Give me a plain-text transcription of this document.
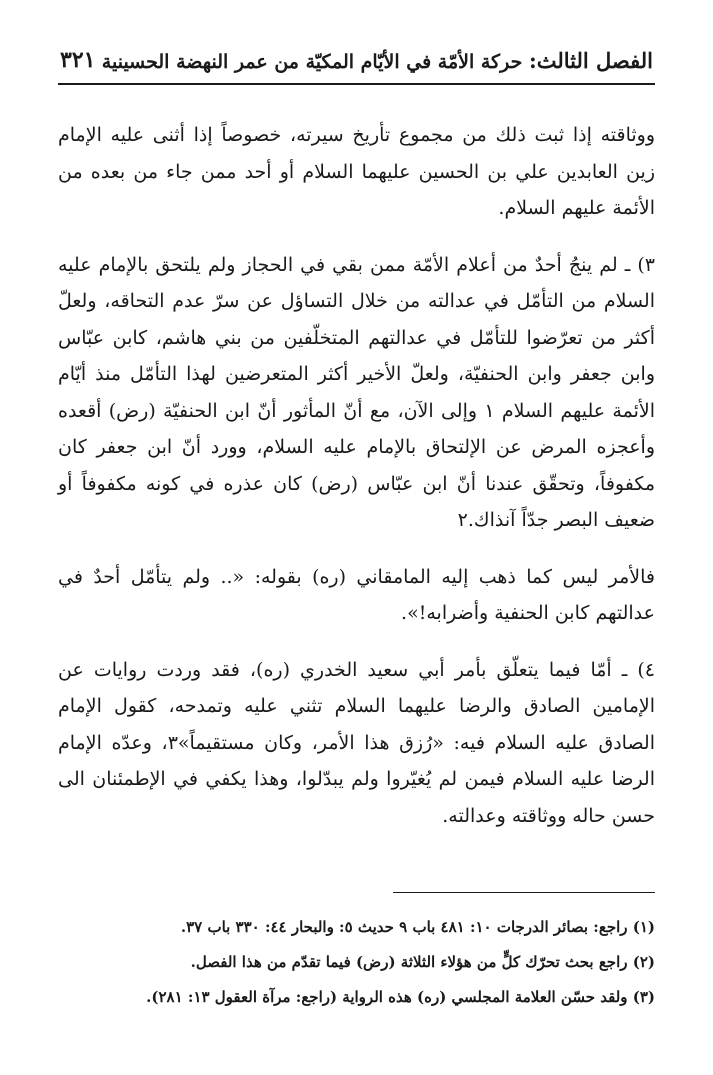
الفصل الثالث: حركة الأمّة في الأيّام المكيّة من عمر النهضة الحسينية
٣٢١

ووثاقته إذا ثبت ذلك من مجموع تأريخ سيرته، خصوصاً إذا أثنى عليه الإمام زين العابدين علي بن الحسين عليهما السلام أو أحد ممن جاء من بعده من الأئمة عليهم السلام.

٣) ـ لم ينجُ أحدٌ من أعلام الأمّة ممن بقي في الحجاز ولم يلتحق بالإمام عليه السلام من التأمّل في عدالته من خلال التساؤل عن سرّ عدم التحاقه، ولعلّ أكثر من تعرّضوا للتأمّل في عدالتهم المتخلّفين من بني هاشم، كابن عبّاس وابن جعفر وابن الحنفيّة، ولعلّ الأخير أكثر المتعرضين لهذا التأمّل منذ أيّام الأئمة عليهم السلام ١ وإلى الآن، مع أنّ المأثور أنّ ابن الحنفيّة (رض) أقعده وأعجزه المرض عن الإلتحاق بالإمام عليه السلام، وورد أنّ ابن جعفر كان مكفوفاً، وتحقّق عندنا أنّ ابن عبّاس (رض) كان عذره في كونه مكفوفاً أو ضعيف البصر جدّاً آنذاك.٢

فالأمر ليس كما ذهب إليه المامقاني (ره) بقوله: «.. ولم يتأمّل أحدٌ في عدالتهم كابن الحنفية وأضرابه!».

٤) ـ أمّا فيما يتعلّق بأمر أبي سعيد الخدري (ره)، فقد وردت روايات عن الإمامين الصادق والرضا عليهما السلام تثني عليه وتمدحه، كقول الإمام الصادق عليه السلام فيه: «رُزق هذا الأمر، وكان مستقيماً»٣، وعدّه الإمام الرضا عليه السلام فيمن لم يُغيّروا ولم يبدّلوا، وهذا يكفي في الإطمئنان الى حسن حاله ووثاقته وعدالته.

(١) راجع: بصائر الدرجات ١٠: ٤٨١ باب ٩ حديث ٥: والبحار ٤٤: ٣٣٠ باب ٣٧.
(٢) راجع بحث تحرّك كلٍّ من هؤلاء الثلاثة (رض) فيما تقدّم من هذا الفصل.
(٣) ولقد حسّن العلامة المجلسي (ره) هذه الرواية (راجع: مرآة العقول ١٣: ٢٨١).
